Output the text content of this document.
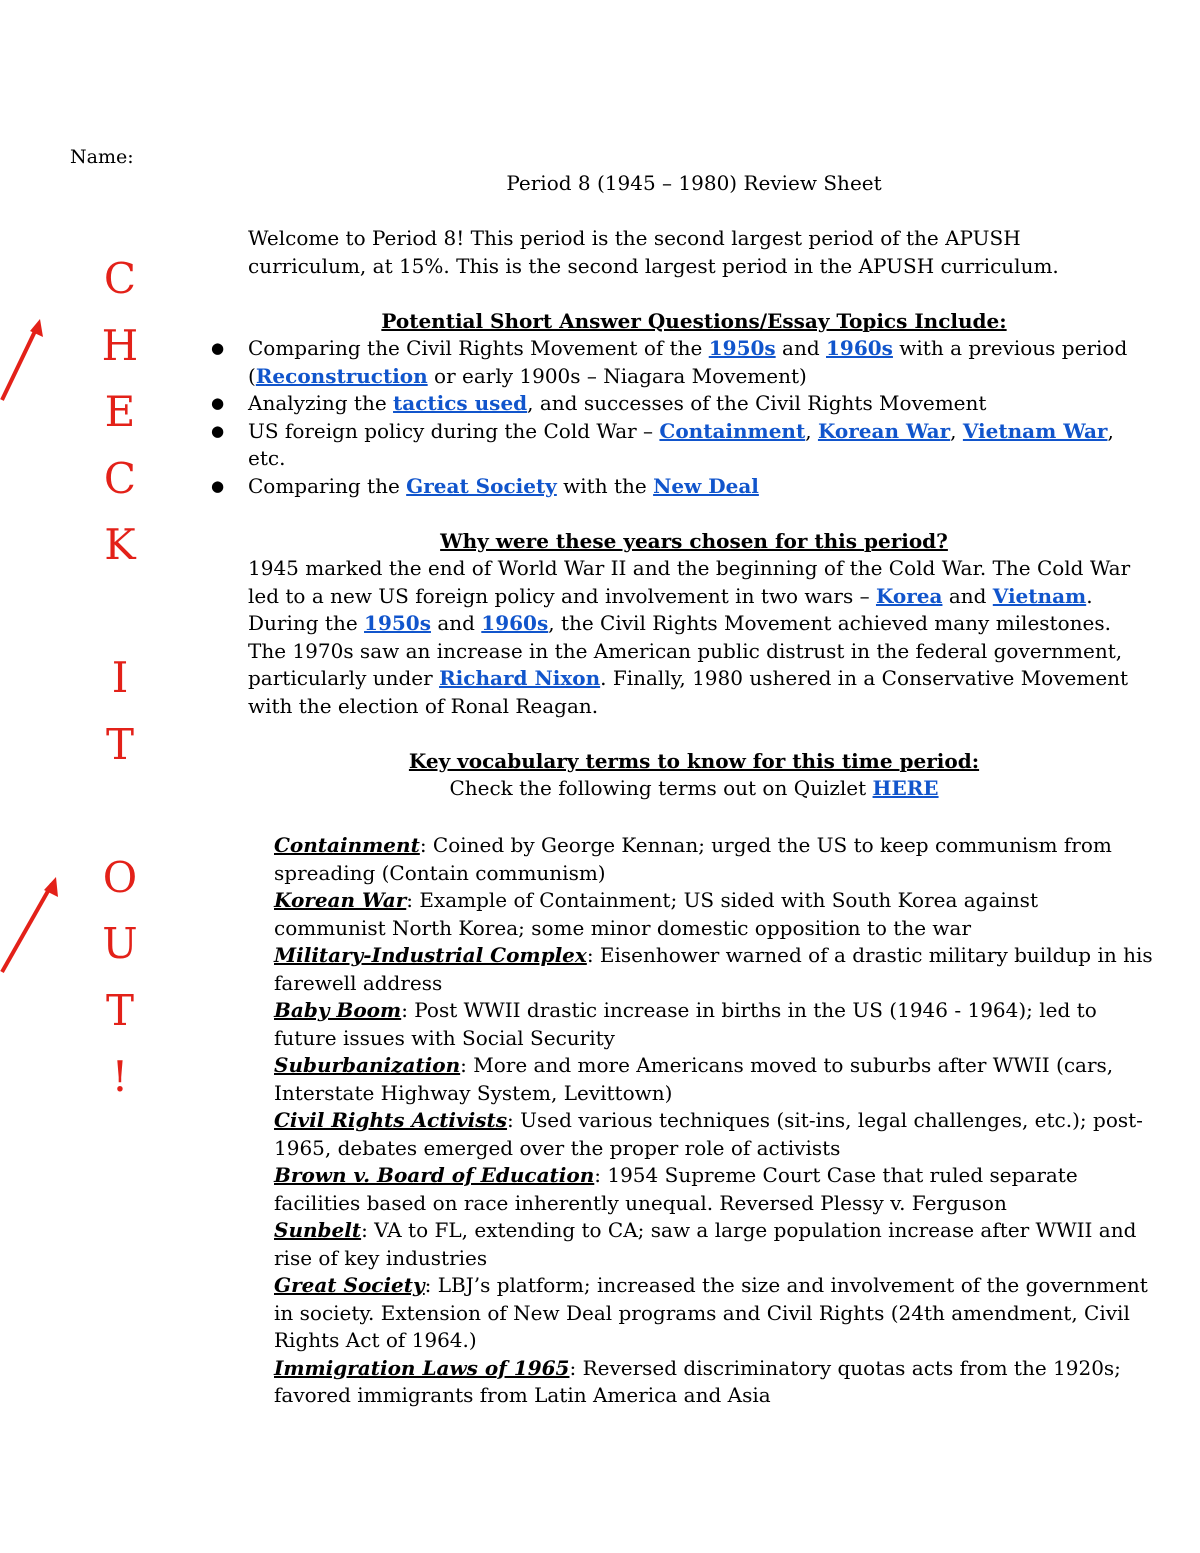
Name:
C
H
E
C
K
I
T
O
U
T
!

Period 8 (1945 – 1980) Review Sheet

Welcome to Period 8! This period is the second largest period of the APUSH curriculum, at 15%. This is the second largest period in the APUSH curriculum.

Potential Short Answer Questions/Essay Topics Include:

● Comparing the Civil Rights Movement of the 1950s and 1960s with a previous period (Reconstruction or early 1900s – Niagara Movement)
● Analyzing the tactics used, and successes of the Civil Rights Movement
● US foreign policy during the Cold War – Containment, Korean War, Vietnam War, etc.
● Comparing the Great Society with the New Deal

Why were these years chosen for this period?

1945 marked the end of World War II and the beginning of the Cold War. The Cold War led to a new US foreign policy and involvement in two wars – Korea and Vietnam. During the 1950s and 1960s, the Civil Rights Movement achieved many milestones. The 1970s saw an increase in the American public distrust in the federal government, particularly under Richard Nixon. Finally, 1980 ushered in a Conservative Movement with the election of Ronal Reagan.

Key vocabulary terms to know for this time period:

Check the following terms out on Quizlet HERE

Containment: Coined by George Kennan; urged the US to keep communism from spreading (Contain communism)

Korean War: Example of Containment; US sided with South Korea against communist North Korea; some minor domestic opposition to the war

Military-Industrial Complex: Eisenhower warned of a drastic military buildup in his farewell address

Baby Boom: Post WWII drastic increase in births in the US (1946 - 1964); led to future issues with Social Security

Suburbanization: More and more Americans moved to suburbs after WWII (cars, Interstate Highway System, Levittown)

Civil Rights Activists: Used various techniques (sit-ins, legal challenges, etc.); post-1965, debates emerged over the proper role of activists

Brown v. Board of Education: 1954 Supreme Court Case that ruled separate facilities based on race inherently unequal. Reversed Plessy v. Ferguson

Sunbelt: VA to FL, extending to CA; saw a large population increase after WWII and rise of key industries

Great Society: LBJ’s platform; increased the size and involvement of the government in society. Extension of New Deal programs and Civil Rights (24th amendment, Civil Rights Act of 1964.)

Immigration Laws of 1965: Reversed discriminatory quotas acts from the 1920s; favored immigrants from Latin America and Asia
